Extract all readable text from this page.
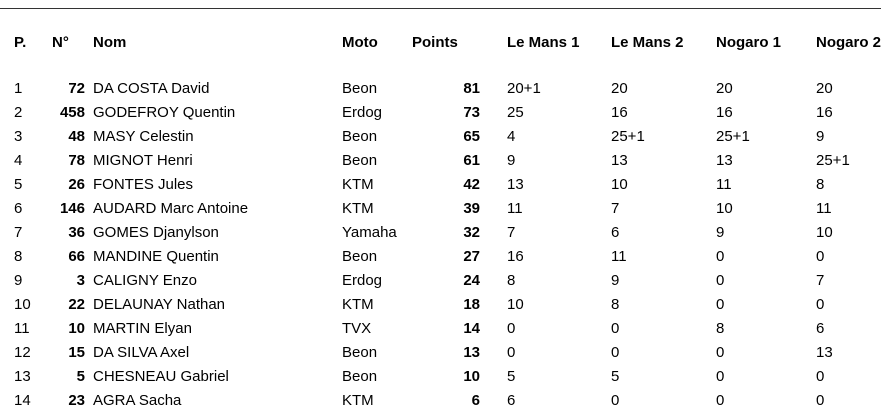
P.	N°	Nom	Moto	Points	Le Mans 1	Le Mans 2	Nogaro 1	Nogaro 2

1	72	DA COSTA David	Beon	81	20+1	20	20	20
2	458	GODEFROY Quentin	Erdog	73	25	16	16	16
3	48	MASY Celestin	Beon	65	4	25+1	25+1	9
4	78	MIGNOT Henri	Beon	61	9	13	13	25+1
5	26	FONTES Jules	KTM	42	13	10	11	8
6	146	AUDARD Marc Antoine	KTM	39	11	7	10	11
7	36	GOMES Djanylson	Yamaha	32	7	6	9	10
8	66	MANDINE Quentin	Beon	27	16	11	0	0
9	3	CALIGNY Enzo	Erdog	24	8	9	0	7
10	22	DELAUNAY Nathan	KTM	18	10	8	0	0
11	10	MARTIN Elyan	TVX	14	0	0	8	6
12	15	DA SILVA Axel	Beon	13	0	0	0	13
13	5	CHESNEAU Gabriel	Beon	10	5	5	0	0
14	23	AGRA Sacha	KTM	6	6	0	0	0
